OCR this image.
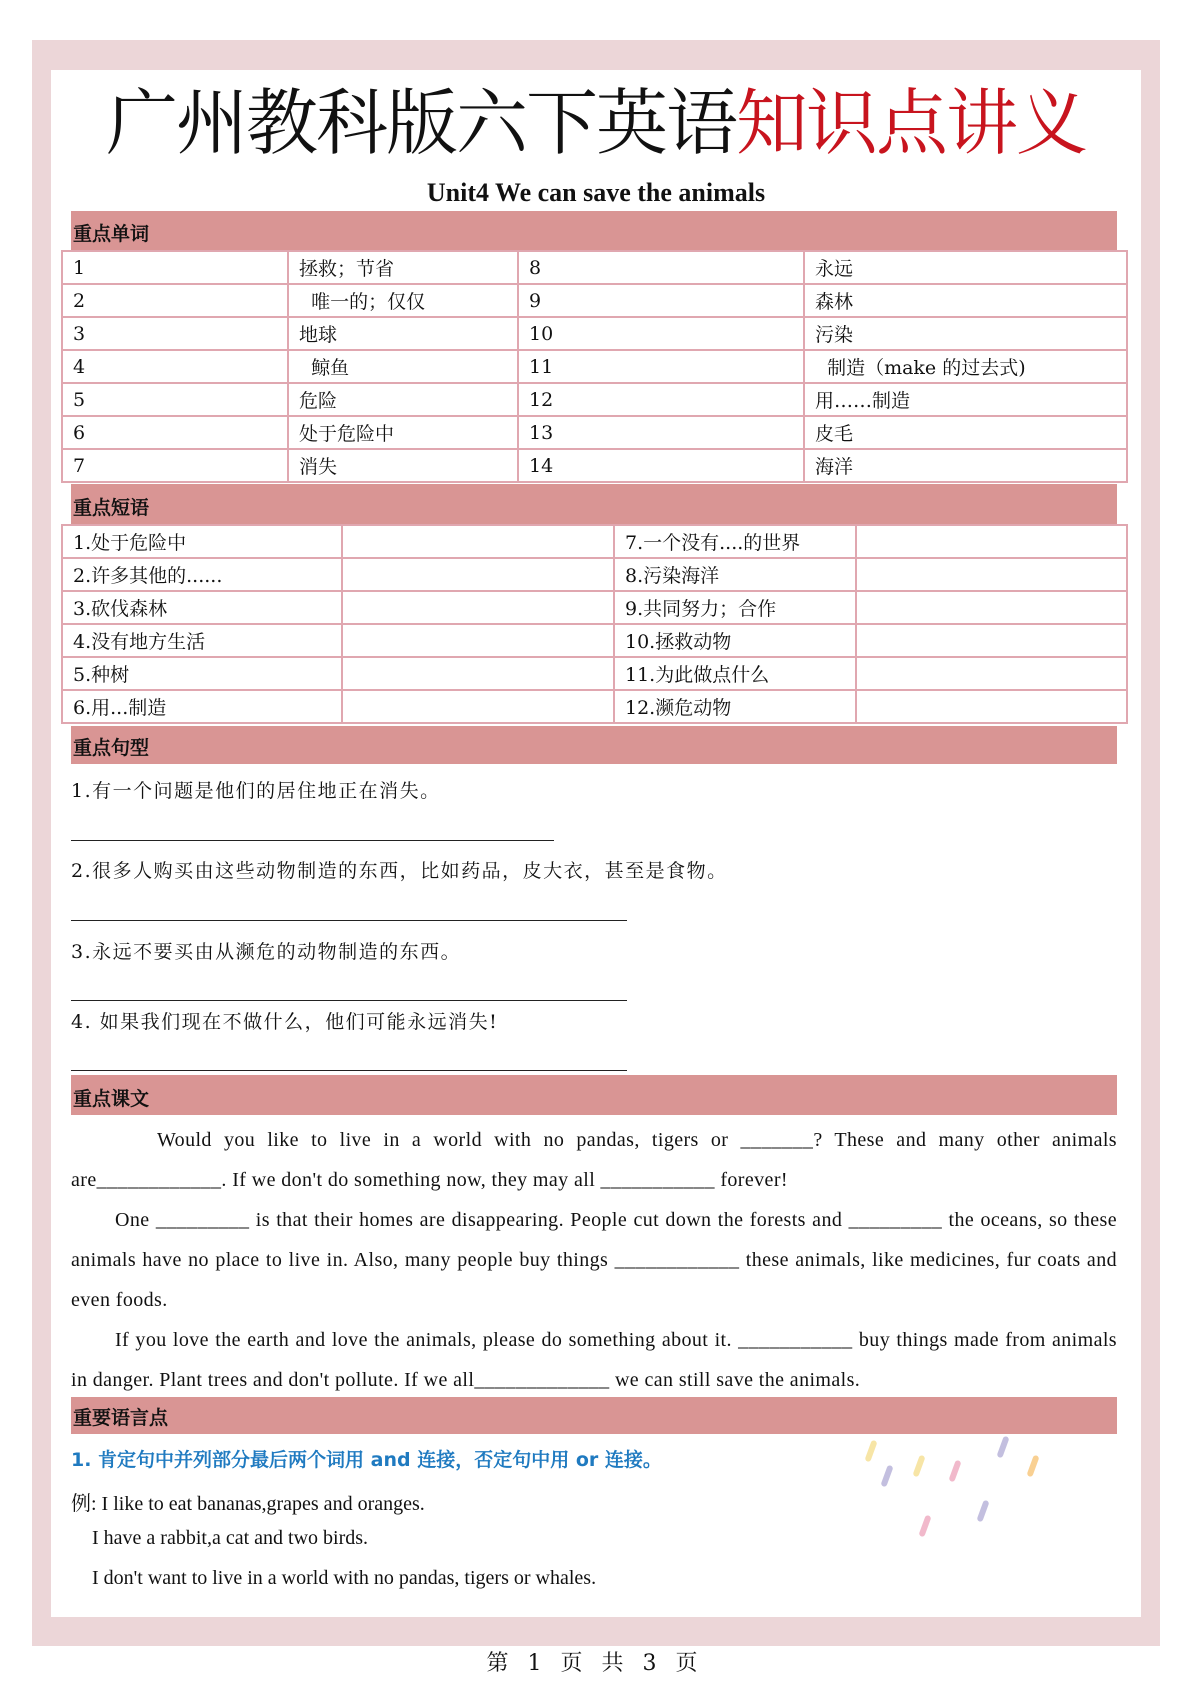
广州教科版六下英语知识点讲义
Unit4 We can save the animals
重点单词
1	拯救；节省	8	永远
2	唯一的；仅仅	9	森林
3	地球	10	污染
4	鲸鱼	11	制造（make 的过去式)
5	危险	12	用……制造
6	处于危险中	13	皮毛
7	消失	14	海洋
重点短语
1.处于危险中		7.一个没有....的世界	
2.许多其他的......		8.污染海洋	
3.砍伐森林		9.共同努力；合作	
4.没有地方生活		10.拯救动物	
5.种树		11.为此做点什么	
6.用...制造		12.濒危动物	
重点句型
1.有一个问题是他们的居住地正在消失。
2.很多人购买由这些动物制造的东西，比如药品，皮大衣，甚至是食物。
3.永远不要买由从濒危的动物制造的东西。
4. 如果我们现在不做什么，他们可能永远消失!
重点课文

Would you like to live in a world with no pandas, tigers or _______? These and many other animals are____________. If we don't do something now, they may all ___________ forever!

One _________ is that their homes are disappearing. People cut down the forests and _________ the oceans, so these animals have no place to live in. Also, many people buy things ____________ these animals, like medicines, fur coats and even foods.

If you love the earth and love the animals, please do something about it. ___________ buy things made from animals in danger. Plant trees and don't pollute. If we all_____________ we can still save the animals.

重要语言点
1. 肯定句中并列部分最后两个词用 and 连接，否定句中用 or 连接。
例: I like to eat bananas,grapes and oranges.
I have a rabbit,a cat and two birds.
I don't want to live in a world with no pandas, tigers or whales.
第 1 页 共 3 页
